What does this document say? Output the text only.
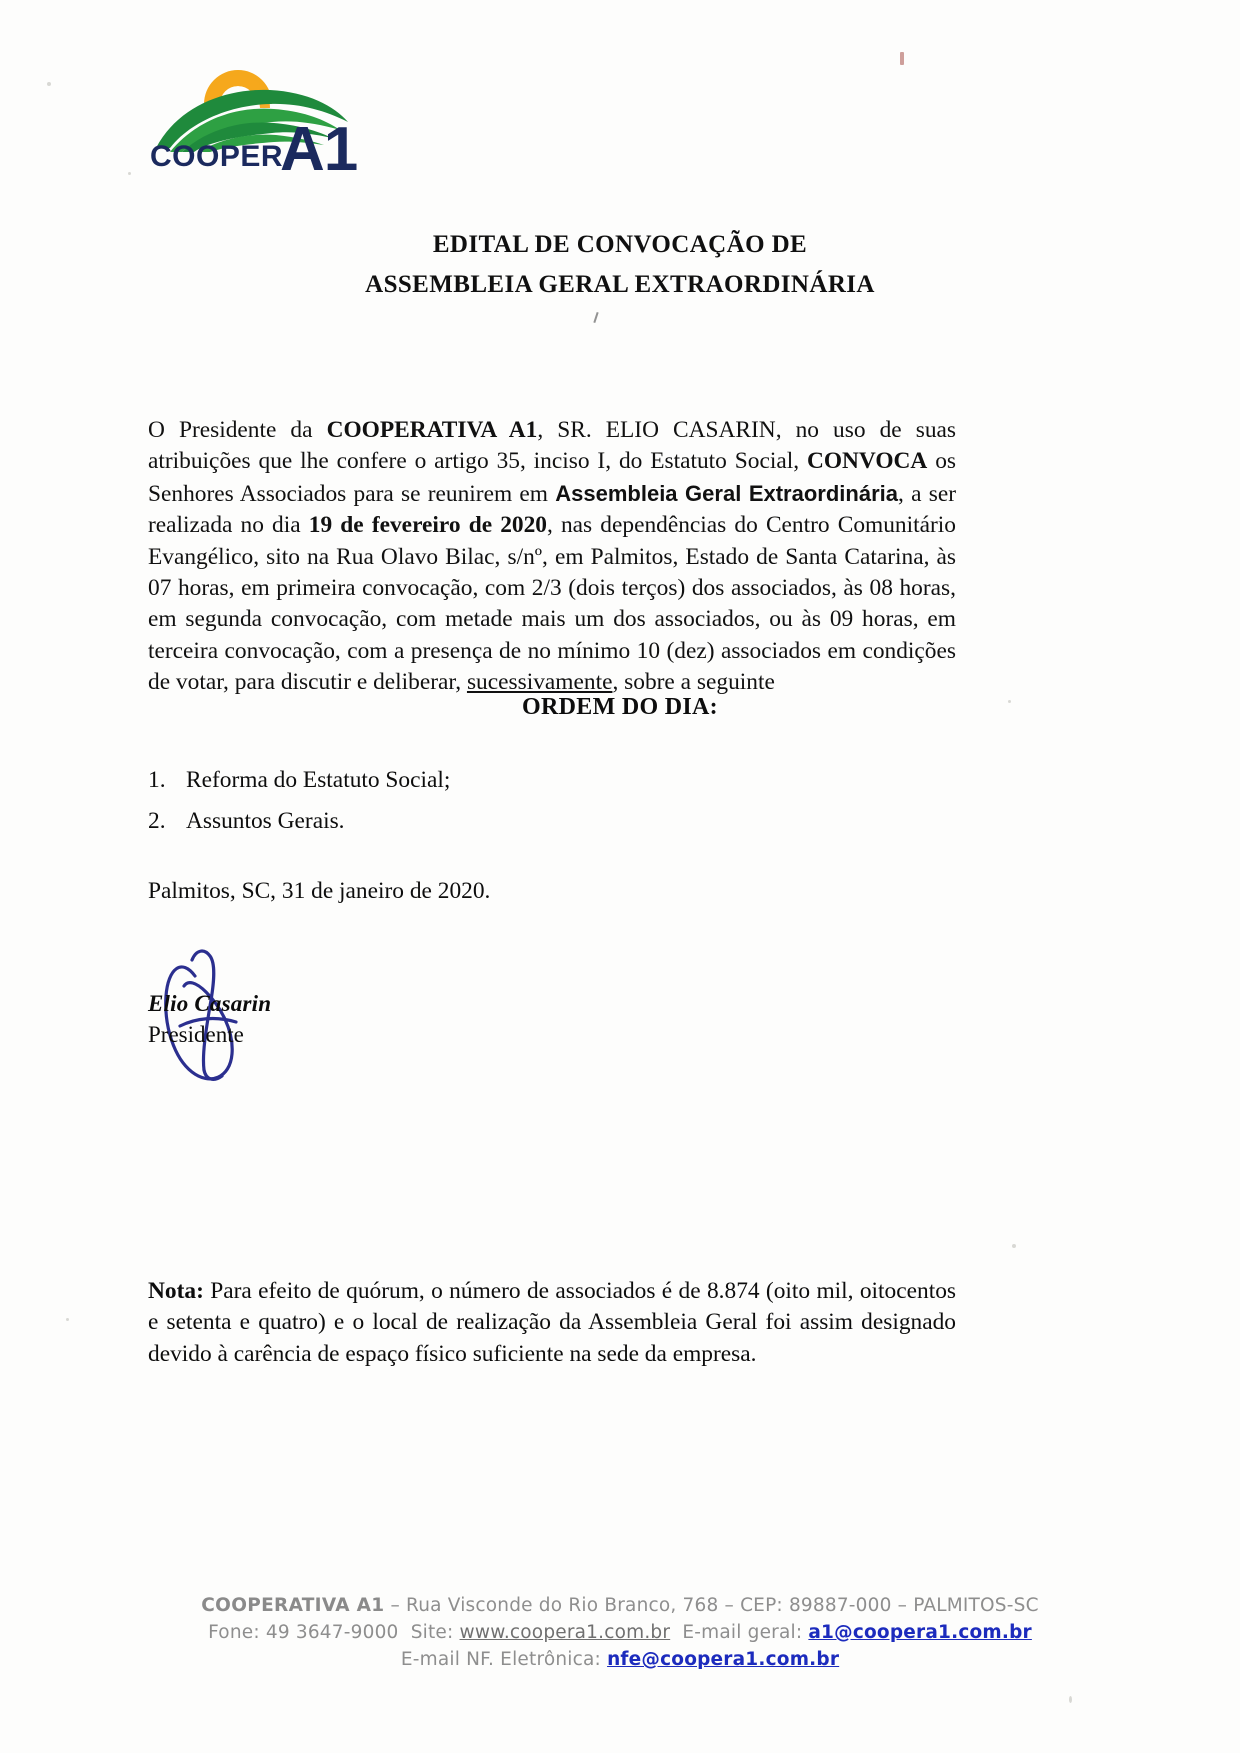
COOPER
A1
EDITAL DE CONVOCAÇÃO DE
ASSEMBLEIA GERAL EXTRAORDINÁRIA
O Presidente da COOPERATIVA A1, SR. ELIO CASARIN, no uso de suas atribuições que lhe confere o artigo 35, inciso I, do Estatuto Social, CONVOCA os Senhores Associados para se reunirem em Assembleia Geral Extraordinária, a ser realizada no dia 19 de fevereiro de 2020, nas dependências do Centro Comunitário Evangélico, sito na Rua Olavo Bilac, s/nº, em Palmitos, Estado de Santa Catarina, às 07 horas, em primeira convocação, com 2/3 (dois terços) dos associados, às 08 horas, em segunda convocação, com metade mais um dos associados, ou às 09 horas, em terceira convocação, com a presença de no mínimo 10 (dez) associados em condições de votar, para discutir e deliberar, sucessivamente, sobre a seguinte
ORDEM DO DIA:
1. Reforma do Estatuto Social;
2. Assuntos Gerais.
Palmitos, SC, 31 de janeiro de 2020.
Elio Casarin
Presidente
Nota: Para efeito de quórum, o número de associados é de 8.874 (oito mil, oitocentos e setenta e quatro) e o local de realização da Assembleia Geral foi assim designado devido à carência de espaço físico suficiente na sede da empresa.
COOPERATIVA A1 – Rua Visconde do Rio Branco, 768 – CEP: 89887-000 – PALMITOS-SC
Fone: 49 3647-9000 Site: www.coopera1.com.br E-mail geral: a1@coopera1.com.br
E-mail NF. Eletrônica: nfe@coopera1.com.br
